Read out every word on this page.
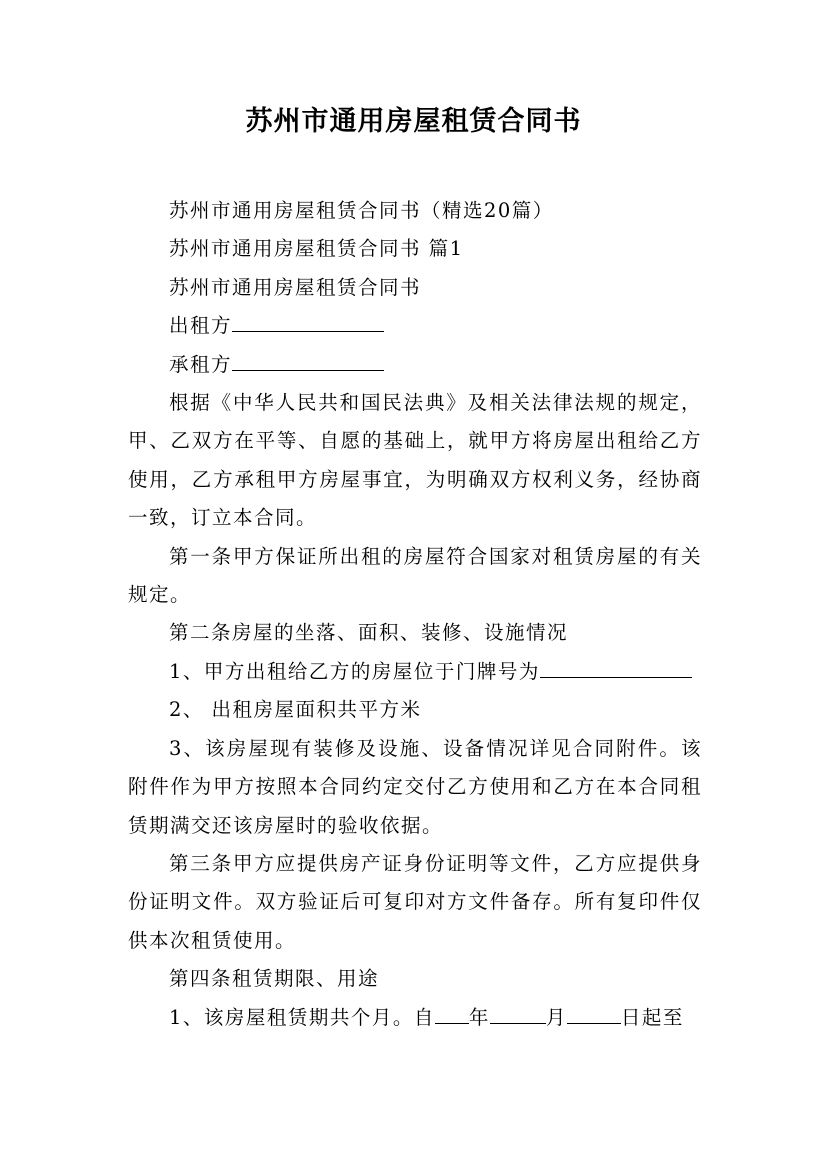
苏州市通用房屋租赁合同书

苏州市通用房屋租赁合同书（精选20篇）

苏州市通用房屋租赁合同书 篇1

苏州市通用房屋租赁合同书

出租方

承租方

根据《中华人民共和国民法典》及相关法律法规的规定，甲、乙双方在平等、自愿的基础上，就甲方将房屋出租给乙方使用，乙方承租甲方房屋事宜，为明确双方权利义务，经协商一致，订立本合同。

第一条甲方保证所出租的房屋符合国家对租赁房屋的有关规定。

第二条房屋的坐落、面积、装修、设施情况

1、甲方出租给乙方的房屋位于门牌号为

2、 出租房屋面积共平方米

3、该房屋现有装修及设施、设备情况详见合同附件。该附件作为甲方按照本合同约定交付乙方使用和乙方在本合同租赁期满交还该房屋时的验收依据。

第三条甲方应提供房产证身份证明等文件，乙方应提供身份证明文件。双方验证后可复印对方文件备存。所有复印件仅供本次租赁使用。

第四条租赁期限、用途

1、该房屋租赁期共个月。自 年	月	日起至
